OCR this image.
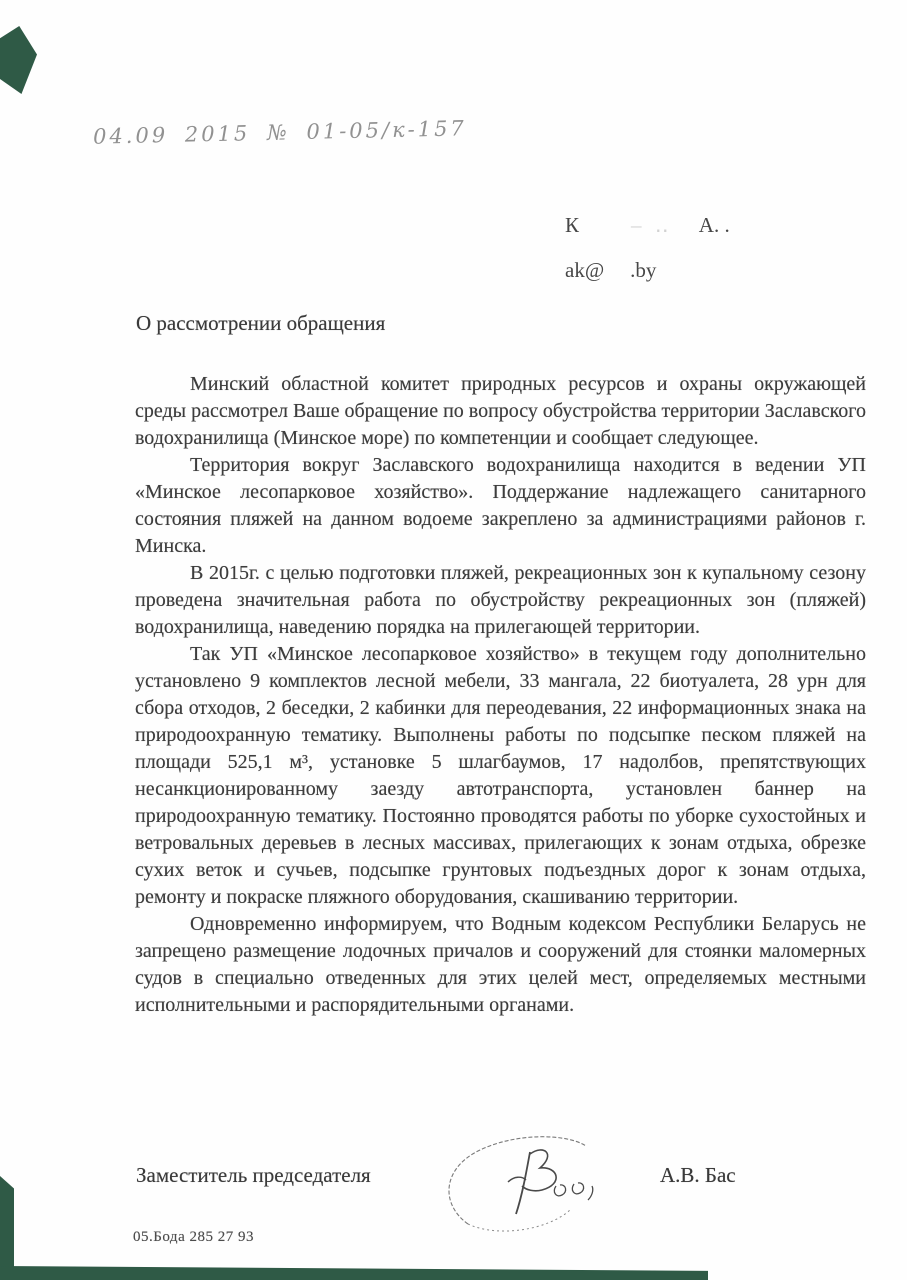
04.09 2015 № 01-05/к-157
К – ‥ А. .
ak@ .by
О рассмотрении обращения

Минский областной комитет природных ресурсов и охраны окружающей среды рассмотрел Ваше обращение по вопросу обустройства территории Заславского водохранилища (Минское море) по компетенции и сообщает следующее.

Территория вокруг Заславского водохранилища находится в ведении УП «Минское лесопарковое хозяйство». Поддержание надлежащего санитарного состояния пляжей на данном водоеме закреплено за администрациями районов г. Минска.

В 2015г. с целью подготовки пляжей, рекреационных зон к купальному сезону проведена значительная работа по обустройству рекреационных зон (пляжей) водохранилища, наведению порядка на прилегающей территории.

Так УП «Минское лесопарковое хозяйство» в текущем году дополнительно установлено 9 комплектов лесной мебели, 33 мангала, 22 биотуалета, 28 урн для сбора отходов, 2 беседки, 2 кабинки для переодевания, 22 информационных знака на природоохранную тематику. Выполнены работы по подсыпке песком пляжей на площади 525,1 м³, установке 5 шлагбаумов, 17 надолбов, препятствующих несанкционированному заезду автотранспорта, установлен баннер на природоохранную тематику. Постоянно проводятся работы по уборке сухостойных и ветровальных деревьев в лесных массивах, прилегающих к зонам отдыха, обрезке сухих веток и сучьев, подсыпке грунтовых подъездных дорог к зонам отдыха, ремонту и покраске пляжного оборудования, скашиванию территории.

Одновременно информируем, что Водным кодексом Республики Беларусь не запрещено размещение лодочных причалов и сооружений для стоянки маломерных судов в специально отведенных для этих целей мест, определяемых местными исполнительными и распорядительными органами.

Заместитель председателя	А.В. Бас
05.Бода 285 27 93
